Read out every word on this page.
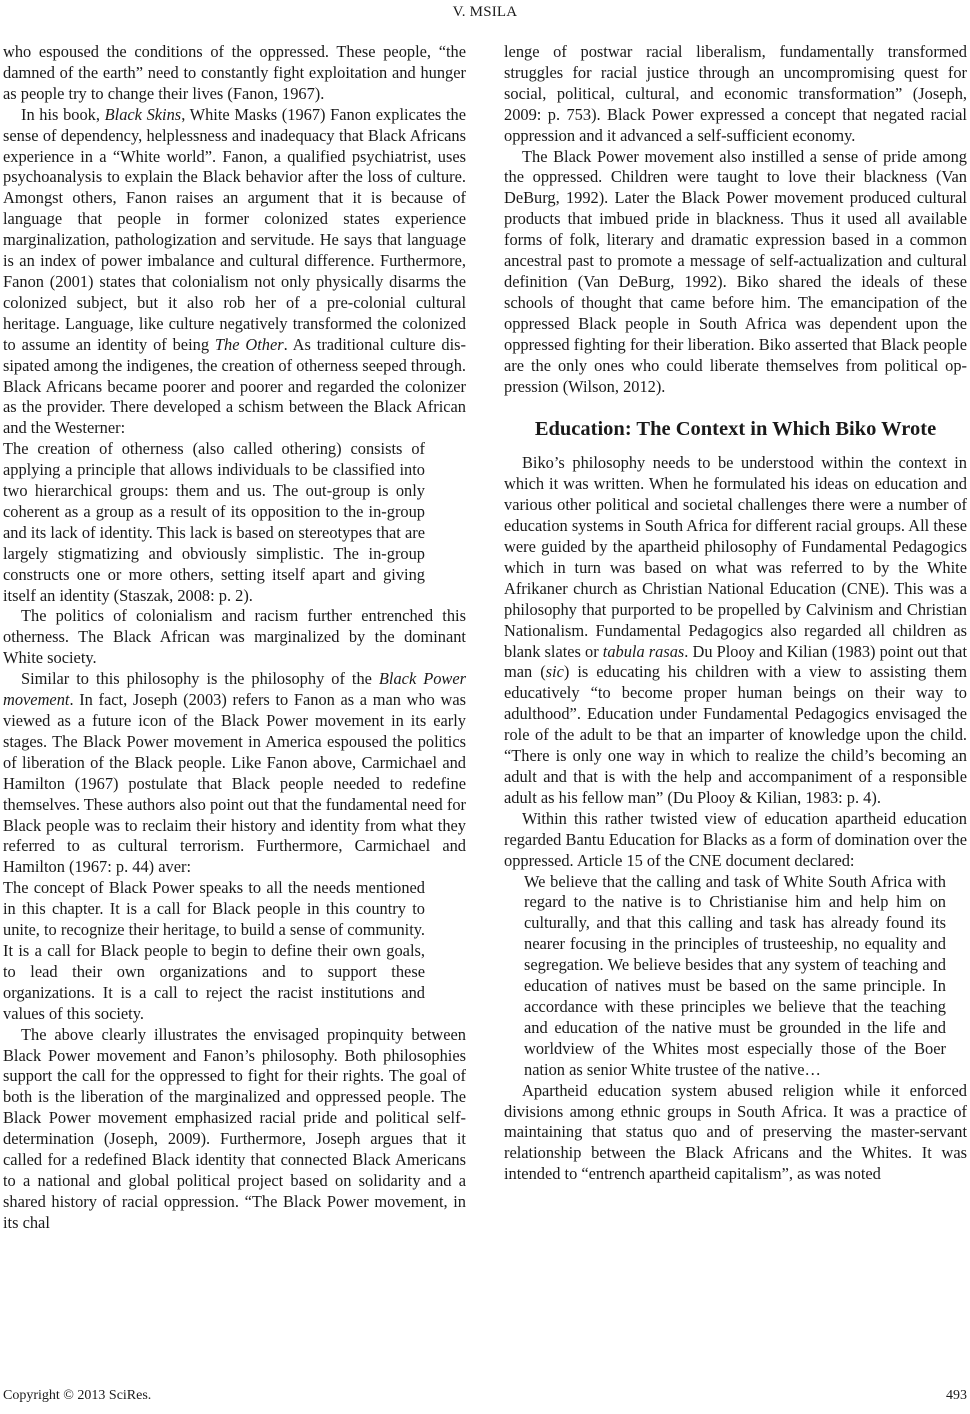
V. MSILA

who espoused the conditions of the oppressed. These people, “the damned of the earth” need to constantly fight exploitation and hunger as people try to change their lives (Fanon, 1967).

In his book, Black Skins, White Masks (1967) Fanon explicates the sense of dependency, helplessness and inadequacy that Black Africans experience in a “White world”. Fanon, a qualified psychiatrist, uses psychoanalysis to explain the Black behavior after the loss of culture. Amongst others, Fanon raises an argument that it is because of language that people in former colonized states experience marginalization, pathologization and servitude. He says that language is an index of power imbalance and cultural difference. Furthermore, Fanon (2001) states that colonialism not only physically disarms the colonized subject, but it also rob her of a pre-colonial cultural heritage. Language, like culture negatively transformed the colonized to assume an identity of being The Other. As traditional culture dissipated among the indigenes, the creation of otherness seeped through. Black Africans became poorer and poorer and regarded the colonizer as the provider. There developed a schism between the Black African and the Westerner:

The creation of otherness (also called othering) consists of applying a principle that allows individuals to be classified into two hierarchical groups: them and us. The out-group is only coherent as a group as a result of its opposition to the in-group and its lack of identity. This lack is based on stereotypes that are largely stigmatizing and obviously simplistic. The in-group constructs one or more others, setting itself apart and giving itself an identity (Staszak, 2008: p. 2).

The politics of colonialism and racism further entrenched this otherness. The Black African was marginalized by the dominant White society.

Similar to this philosophy is the philosophy of the Black Power movement. In fact, Joseph (2003) refers to Fanon as a man who was viewed as a future icon of the Black Power movement in its early stages. The Black Power movement in America espoused the politics of liberation of the Black people. Like Fanon above, Carmichael and Hamilton (1967) postulate that Black people needed to redefine themselves. These authors also point out that the fundamental need for Black people was to reclaim their history and identity from what they referred to as cultural terrorism. Furthermore, Carmichael and Hamilton (1967: p. 44) aver:

The concept of Black Power speaks to all the needs mentioned in this chapter. It is a call for Black people in this country to unite, to recognize their heritage, to build a sense of community. It is a call for Black people to begin to define their own goals, to lead their own organizations and to support these organizations. It is a call to reject the racist institutions and values of this society.

The above clearly illustrates the envisaged propinquity between Black Power movement and Fanon’s philosophy. Both philosophies support the call for the oppressed to fight for their rights. The goal of both is the liberation of the marginalized and oppressed people. The Black Power movement emphasized racial pride and political self-determination (Joseph, 2009). Furthermore, Joseph argues that it called for a redefined Black identity that connected Black Americans to a national and global political project based on solidarity and a shared history of racial oppression. “The Black Power movement, in its chal

lenge of postwar racial liberalism, fundamentally transformed struggles for racial justice through an uncompromising quest for social, political, cultural, and economic transformation” (Joseph, 2009: p. 753). Black Power expressed a concept that negated racial oppression and it advanced a self-sufficient economy.

The Black Power movement also instilled a sense of pride among the oppressed. Children were taught to love their blackness (Van DeBurg, 1992). Later the Black Power movement produced cultural products that imbued pride in blackness. Thus it used all available forms of folk, literary and dramatic expression based in a common ancestral past to promote a message of self-actualization and cultural definition (Van DeBurg, 1992). Biko shared the ideals of these schools of thought that came before him. The emancipation of the oppressed Black people in South Africa was dependent upon the oppressed fighting for their liberation. Biko asserted that Black people are the only ones who could liberate themselves from political oppression (Wilson, 2012).

Education: The Context in Which Biko Wrote

Biko’s philosophy needs to be understood within the context in which it was written. When he formulated his ideas on education and various other political and societal challenges there were a number of education systems in South Africa for different racial groups. All these were guided by the apartheid philosophy of Fundamental Pedagogics which in turn was based on what was referred to by the White Afrikaner church as Christian National Education (CNE). This was a philosophy that purported to be propelled by Calvinism and Christian Nationalism. Fundamental Pedagogics also regarded all children as blank slates or tabula rasas. Du Plooy and Kilian (1983) point out that man (sic) is educating his children with a view to assisting them educatively “to become proper human beings on their way to adulthood”. Education under Fundamental Pedagogics envisaged the role of the adult to be that an imparter of knowledge upon the child. “There is only one way in which to realize the child’s becoming an adult and that is with the help and accompaniment of a responsible adult as his fellow man” (Du Plooy & Kilian, 1983: p. 4).

Within this rather twisted view of education apartheid education regarded Bantu Education for Blacks as a form of domination over the oppressed. Article 15 of the CNE document declared:

We believe that the calling and task of White South Africa with regard to the native is to Christianise him and help him on culturally, and that this calling and task has already found its nearer focusing in the principles of trusteeship, no equality and segregation. We believe besides that any system of teaching and education of natives must be based on the same principle. In accordance with these principles we believe that the teaching and education of the native must be grounded in the life and worldview of the Whites most especially those of the Boer nation as senior White trustee of the native…

Apartheid education system abused religion while it enforced divisions among ethnic groups in South Africa. It was a practice of maintaining that status quo and of preserving the master-servant relationship between the Black Africans and the Whites. It was intended to “entrench apartheid capitalism”, as was noted

Copyright © 2013 SciRes.	493
